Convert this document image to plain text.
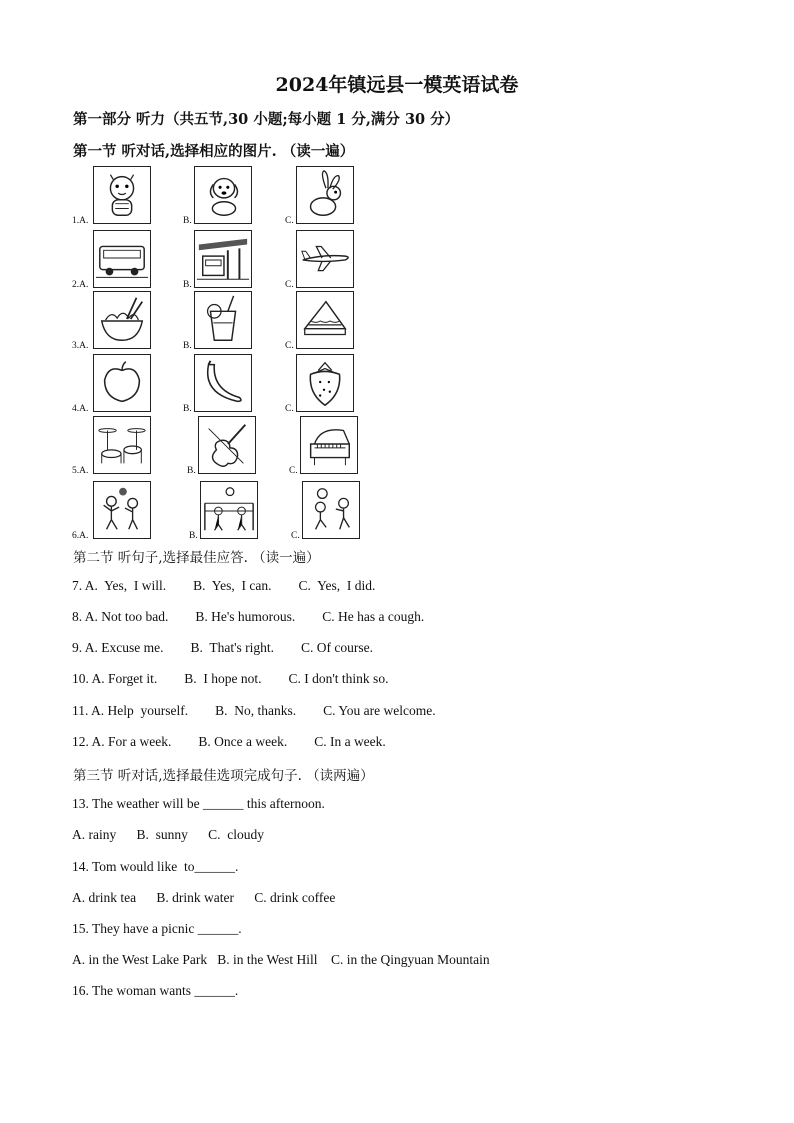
2024年镇远县一模英语试卷
第一部分 听力（共五节,30 小题;每小题 1 分,满分 30 分）
第一节 听对话,选择相应的图片. （读一遍）
1.A.	B.	C.
2.A.	B.	C.
3.A.	B.	C.
4.A.	B.	C.
5.A.	B.	C.
6.A.	B.	C.
第二节 听句子,选择最佳应答. （读一遍）
7. A.  Yes,  I will.        B.  Yes,  I can.        C.  Yes,  I did.
8. A. Not too bad.        B. He's humorous.        C. He has a cough.
9. A. Excuse me.        B.  That's right.        C. Of course.
10. A. Forget it.        B.  I hope not.        C. I don't think so.
11. A. Help  yourself.        B.  No, thanks.        C. You are welcome.
12. A. For a week.        B. Once a week.        C. In a week.
第三节 听对话,选择最佳选项完成句子. （读两遍）
13. The weather will be ______ this afternoon.
A. rainy      B.  sunny      C.  cloudy
14. Tom would like  to______.
A. drink tea      B. drink water      C. drink coffee
15. They have a picnic ______.
A. in the West Lake Park   B. in the West Hill    C. in the Qingyuan Mountain
16. The woman wants ______.
